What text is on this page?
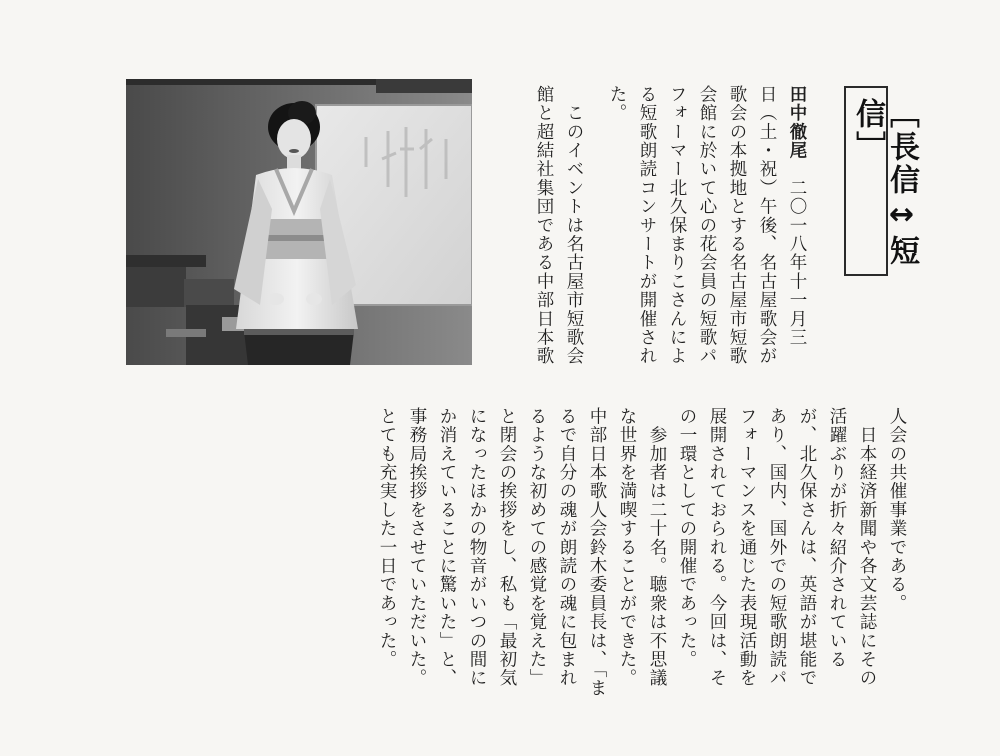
［長信↔短信］
田中徹尾　二〇一八年十一月三
日（土・祝）午後、名古屋歌会が
歌会の本拠地とする名古屋市短歌
会館に於いて心の花会員の短歌パ
フォーマー北久保まりこさんによ
る短歌朗読コンサートが開催され
た。
　このイベントは名古屋市短歌会
館と超結社集団である中部日本歌
人会の共催事業である。
　日本経済新聞や各文芸誌にその
活躍ぶりが折々紹介されている
が、北久保さんは、英語が堪能で
あり、国内、国外での短歌朗読パ
フォーマンスを通じた表現活動を
展開されておられる。今回は、そ
の一環としての開催であった。
　参加者は二十名。聴衆は不思議
な世界を満喫することができた。
中部日本歌人会鈴木委員長は、「ま
るで自分の魂が朗読の魂に包まれ
るような初めての感覚を覚えた」
と閉会の挨拶をし、私も「最初気
になったほかの物音がいつの間に
か消えていることに驚いた」と、
事務局挨拶をさせていただいた。
とても充実した一日であった。
